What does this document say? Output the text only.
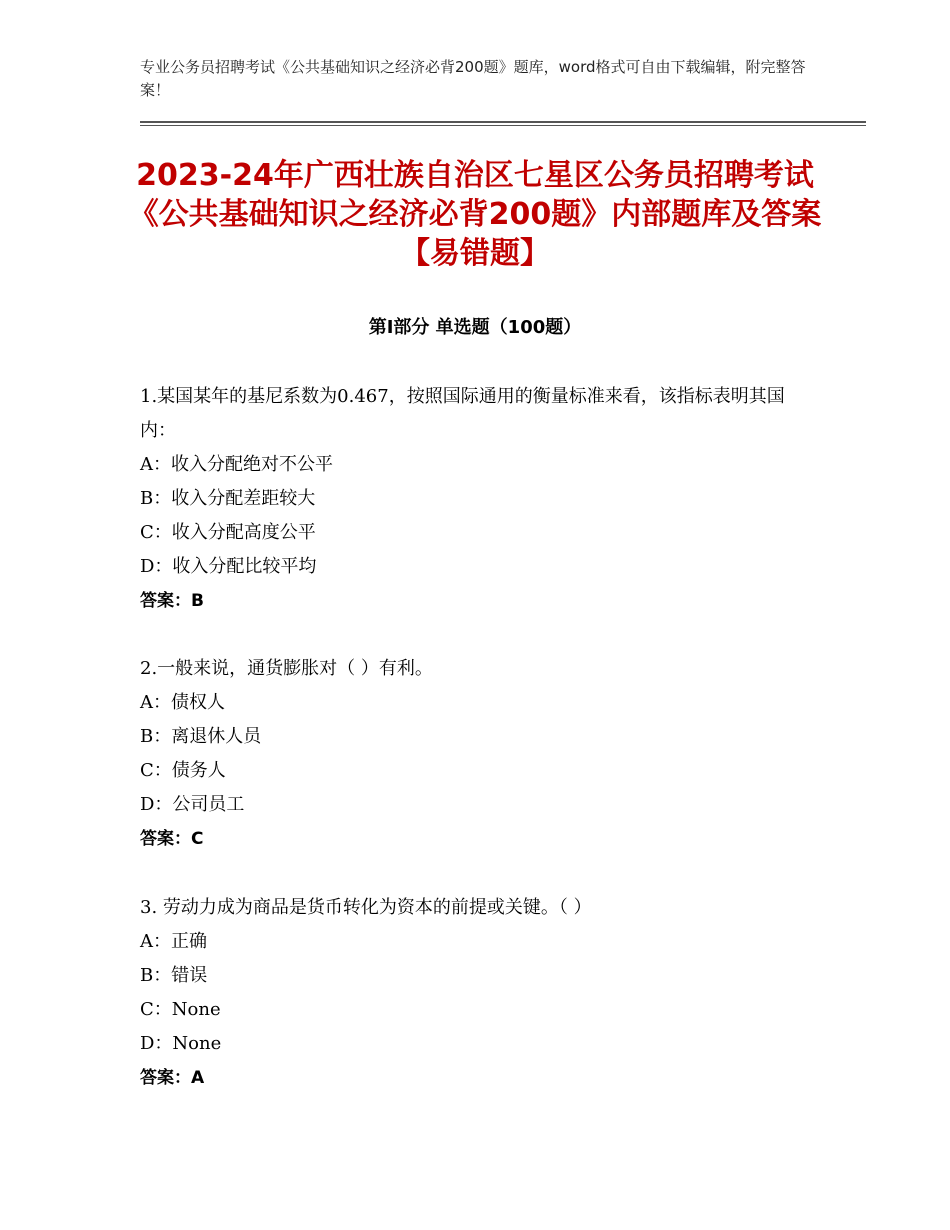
专业公务员招聘考试《公共基础知识之经济必背200题》题库，word格式可自由下载编辑，附完整答案！
2023-24年广西壮族自治区七星区公务员招聘考试《公共基础知识之经济必背200题》内部题库及答案【易错题】
第Ⅰ部分 单选题（100题）
1.某国某年的基尼系数为0.467，按照国际通用的衡量标准来看，该指标表明其国内：
A：收入分配绝对不公平
B：收入分配差距较大
C：收入分配高度公平
D：收入分配比较平均
答案：B
2.一般来说，通货膨胀对（ ）有利。
A：债权人
B：离退休人员
C：债务人
D：公司员工
答案：C
3. 劳动力成为商品是货币转化为资本的前提或关键。（ ）
A：正确
B：错误
C：None
D：None
答案：A
